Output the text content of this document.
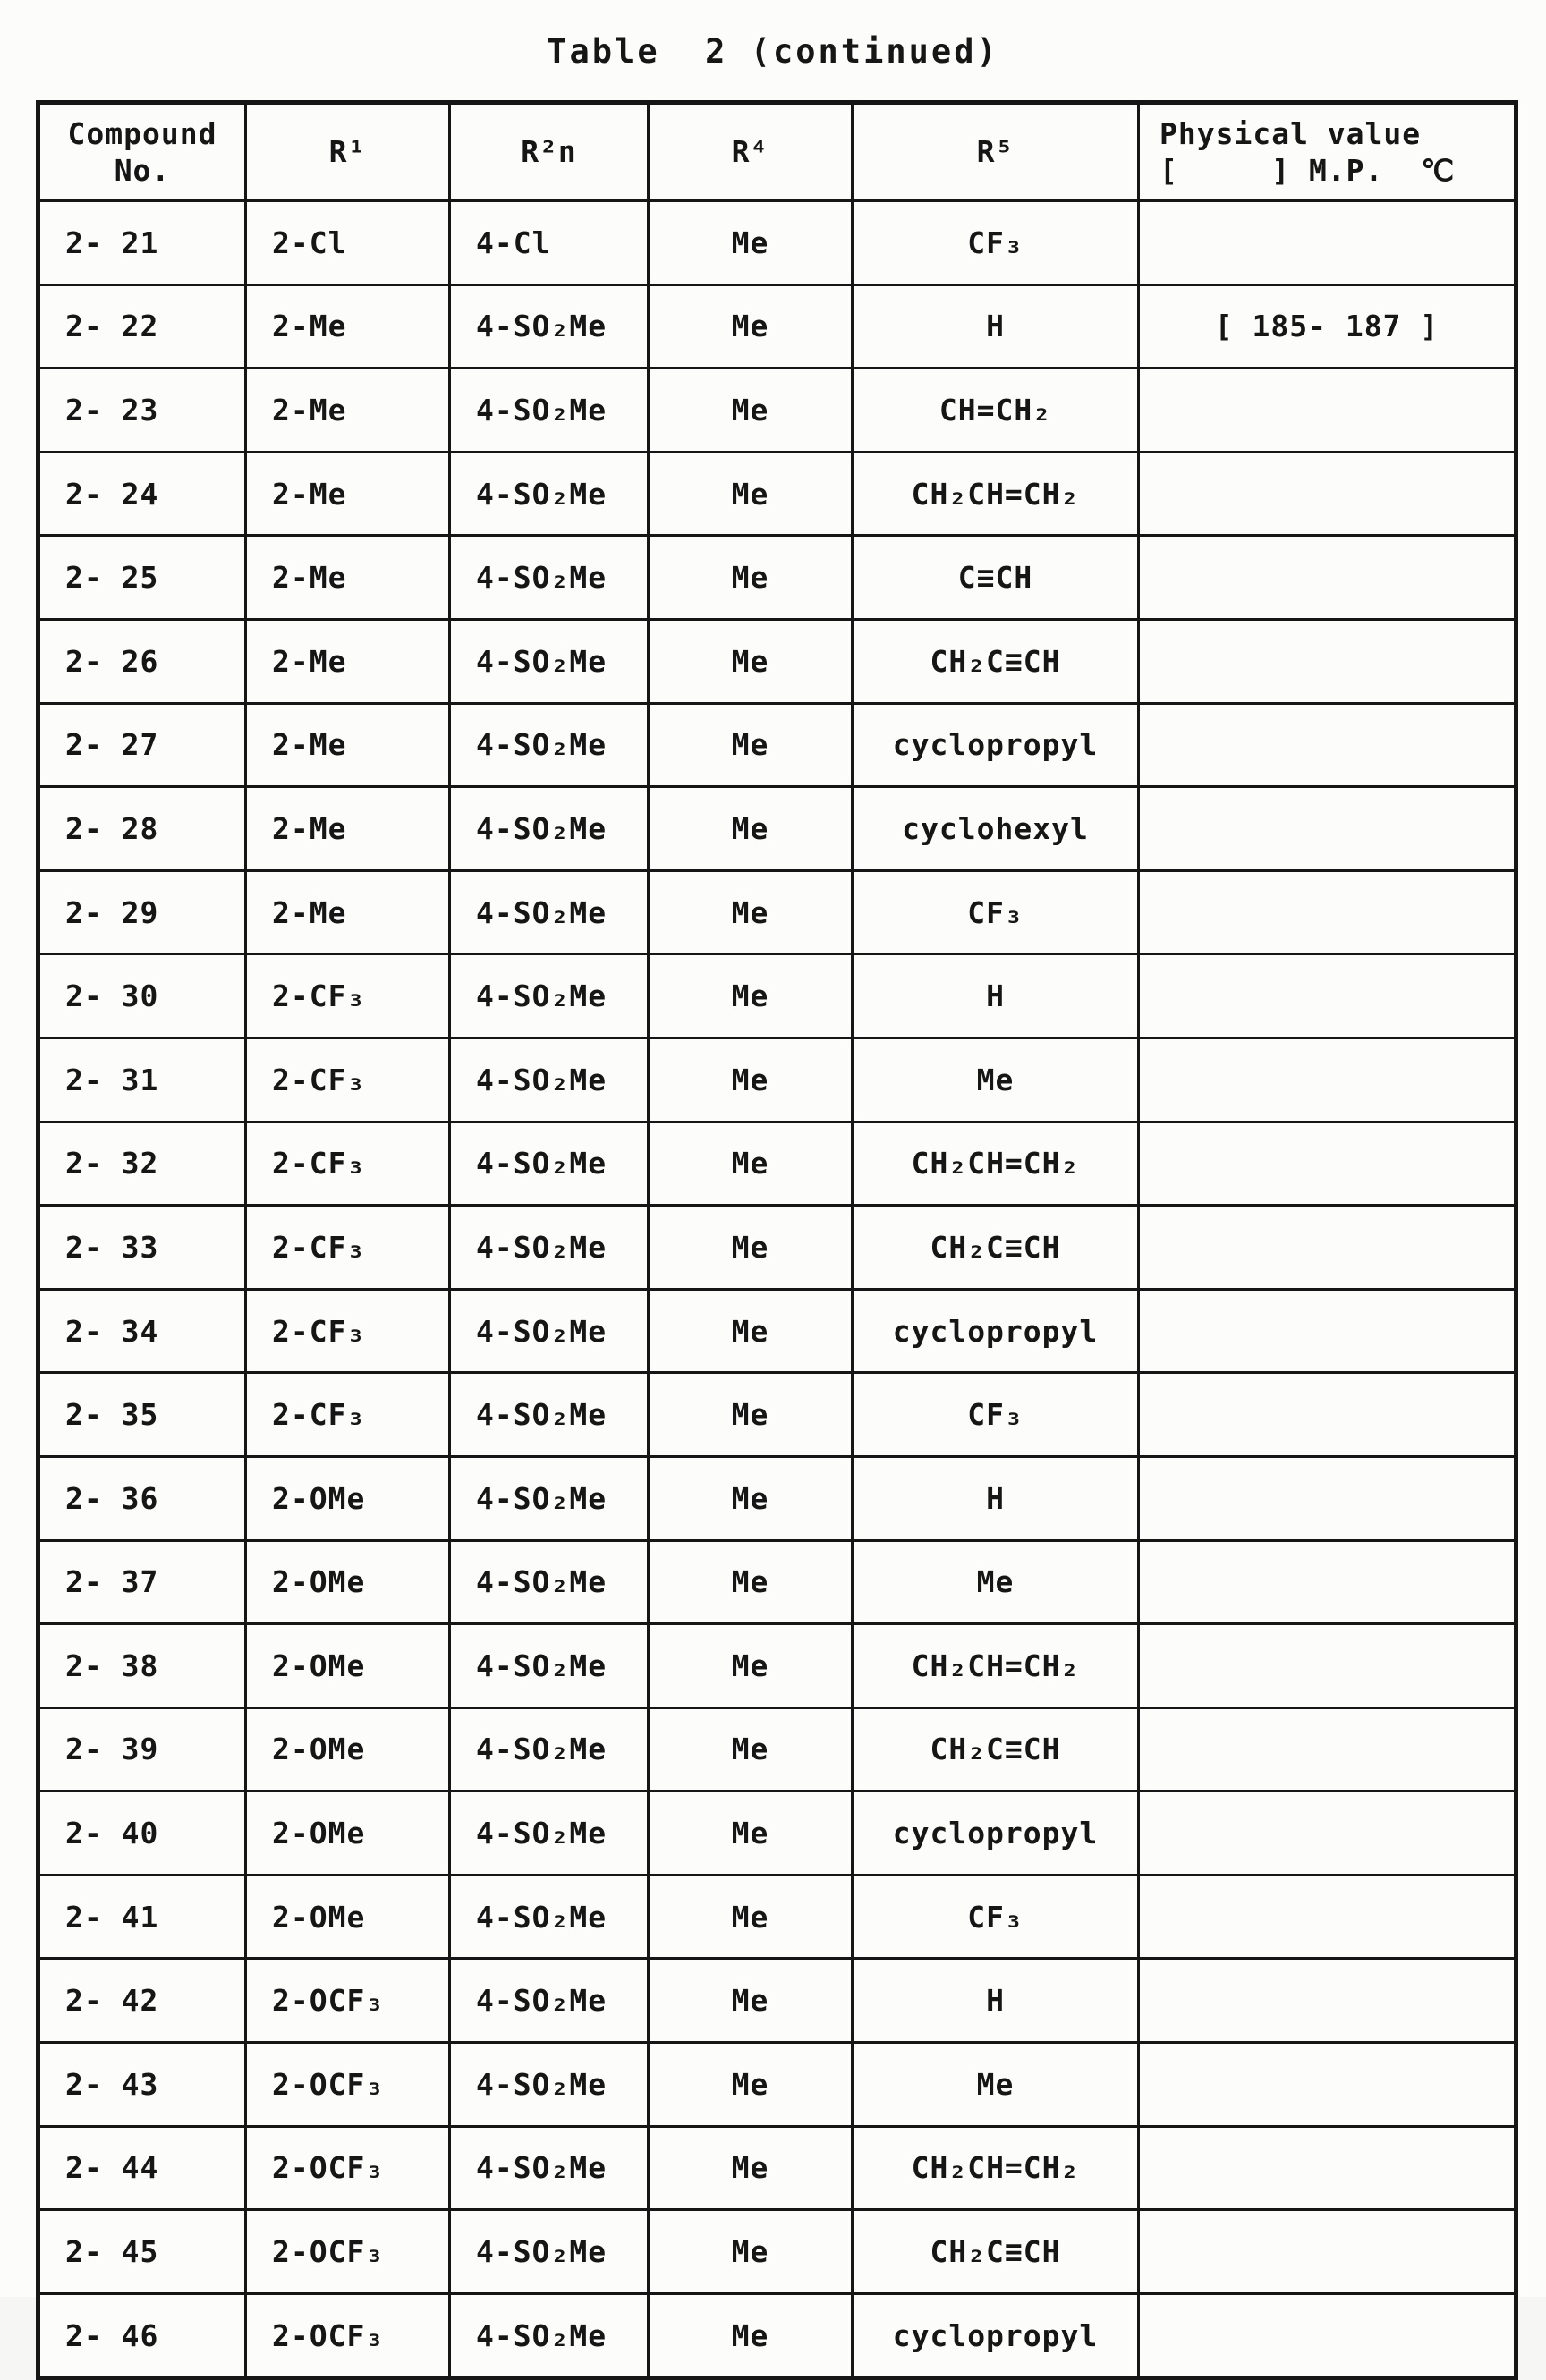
Table  2 (continued)
Compound
No.	R¹	R²n	R⁴	R⁵	Physical value
[     ] M.P.  ℃
2- 21	2-Cl	4-Cl	Me	CF₃	
2- 22	2-Me	4-SO₂Me	Me	H	[ 185- 187 ]
2- 23	2-Me	4-SO₂Me	Me	CH=CH₂	
2- 24	2-Me	4-SO₂Me	Me	CH₂CH=CH₂	
2- 25	2-Me	4-SO₂Me	Me	C≡CH	
2- 26	2-Me	4-SO₂Me	Me	CH₂C≡CH	
2- 27	2-Me	4-SO₂Me	Me	cyclopropyl	
2- 28	2-Me	4-SO₂Me	Me	cyclohexyl	
2- 29	2-Me	4-SO₂Me	Me	CF₃	
2- 30	2-CF₃	4-SO₂Me	Me	H	
2- 31	2-CF₃	4-SO₂Me	Me	Me	
2- 32	2-CF₃	4-SO₂Me	Me	CH₂CH=CH₂	
2- 33	2-CF₃	4-SO₂Me	Me	CH₂C≡CH	
2- 34	2-CF₃	4-SO₂Me	Me	cyclopropyl	
2- 35	2-CF₃	4-SO₂Me	Me	CF₃	
2- 36	2-OMe	4-SO₂Me	Me	H	
2- 37	2-OMe	4-SO₂Me	Me	Me	
2- 38	2-OMe	4-SO₂Me	Me	CH₂CH=CH₂	
2- 39	2-OMe	4-SO₂Me	Me	CH₂C≡CH	
2- 40	2-OMe	4-SO₂Me	Me	cyclopropyl	
2- 41	2-OMe	4-SO₂Me	Me	CF₃	
2- 42	2-OCF₃	4-SO₂Me	Me	H	
2- 43	2-OCF₃	4-SO₂Me	Me	Me	
2- 44	2-OCF₃	4-SO₂Me	Me	CH₂CH=CH₂	
2- 45	2-OCF₃	4-SO₂Me	Me	CH₂C≡CH	
2- 46	2-OCF₃	4-SO₂Me	Me	cyclopropyl	
